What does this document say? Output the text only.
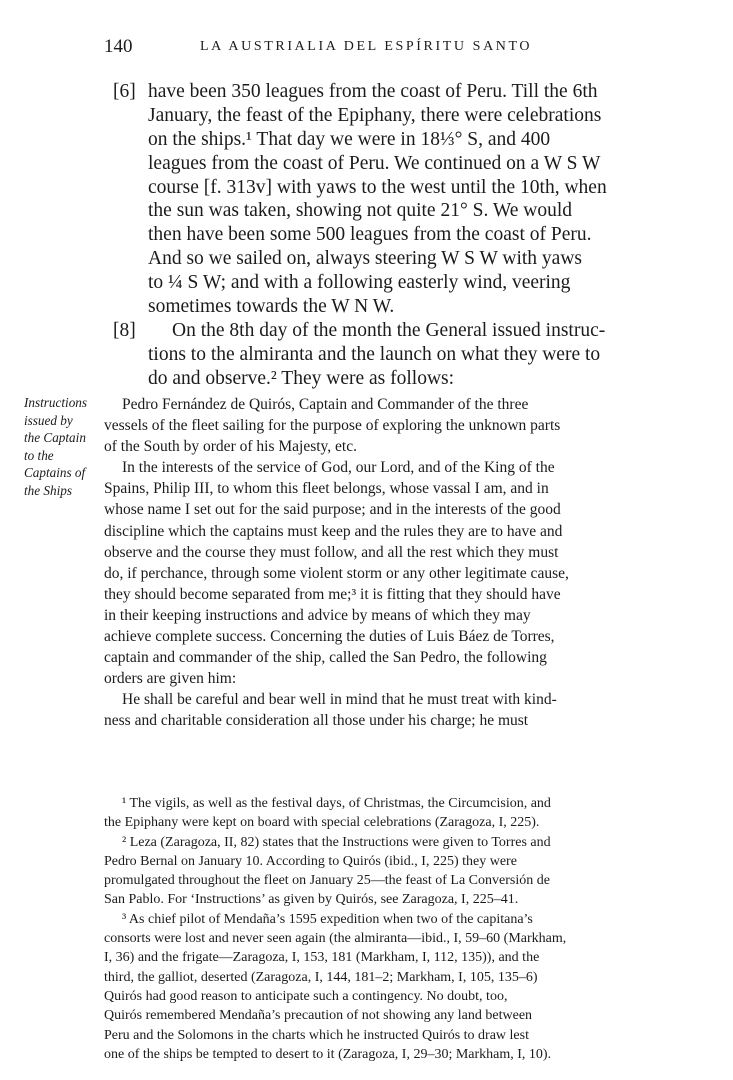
140	LA AUSTRIALIA DEL ESPÍRITU SANTO
[6] have been 350 leagues from the coast of Peru. Till the 6th
January, the feast of the Epiphany, there were celebrations
on the ships.¹ That day we were in 18⅓° S, and 400
leagues from the coast of Peru. We continued on a W S W
course [f. 313v] with yaws to the west until the 10th, when
the sun was taken, showing not quite 21° S. We would
then have been some 500 leagues from the coast of Peru.
And so we sailed on, always steering W S W with yaws
to ¼ S W; and with a following easterly wind, veering
sometimes towards the W N W.
[8]	On the 8th day of the month the General issued instruc-
tions to the almiranta and the launch on what they were to
do and observe.² They were as follows:
Instructions
issued by
the Captain
to the
Captains of
the Ships
Pedro Fernández de Quirós, Captain and Commander of the three
vessels of the fleet sailing for the purpose of exploring the unknown parts
of the South by order of his Majesty, etc.
In the interests of the service of God, our Lord, and of the King of the
Spains, Philip III, to whom this fleet belongs, whose vassal I am, and in
whose name I set out for the said purpose; and in the interests of the good
discipline which the captains must keep and the rules they are to have and
observe and the course they must follow, and all the rest which they must
do, if perchance, through some violent storm or any other legitimate cause,
they should become separated from me;³ it is fitting that they should have
in their keeping instructions and advice by means of which they may
achieve complete success. Concerning the duties of Luis Báez de Torres,
captain and commander of the ship, called the San Pedro, the following
orders are given him:
He shall be careful and bear well in mind that he must treat with kind-
ness and charitable consideration all those under his charge; he must
¹ The vigils, as well as the festival days, of Christmas, the Circumcision, and
the Epiphany were kept on board with special celebrations (Zaragoza, I, 225).
² Leza (Zaragoza, II, 82) states that the Instructions were given to Torres and
Pedro Bernal on January 10. According to Quirós (ibid., I, 225) they were
promulgated throughout the fleet on January 25—the feast of La Conversión de
San Pablo. For ‘Instructions’ as given by Quirós, see Zaragoza, I, 225–41.
³ As chief pilot of Mendaña’s 1595 expedition when two of the capitana’s
consorts were lost and never seen again (the almiranta—ibid., I, 59–60 (Markham,
I, 36) and the frigate—Zaragoza, I, 153, 181 (Markham, I, 112, 135)), and the
third, the galliot, deserted (Zaragoza, I, 144, 181–2; Markham, I, 105, 135–6)
Quirós had good reason to anticipate such a contingency. No doubt, too,
Quirós remembered Mendaña’s precaution of not showing any land between
Peru and the Solomons in the charts which he instructed Quirós to draw lest
one of the ships be tempted to desert to it (Zaragoza, I, 29–30; Markham, I, 10).
